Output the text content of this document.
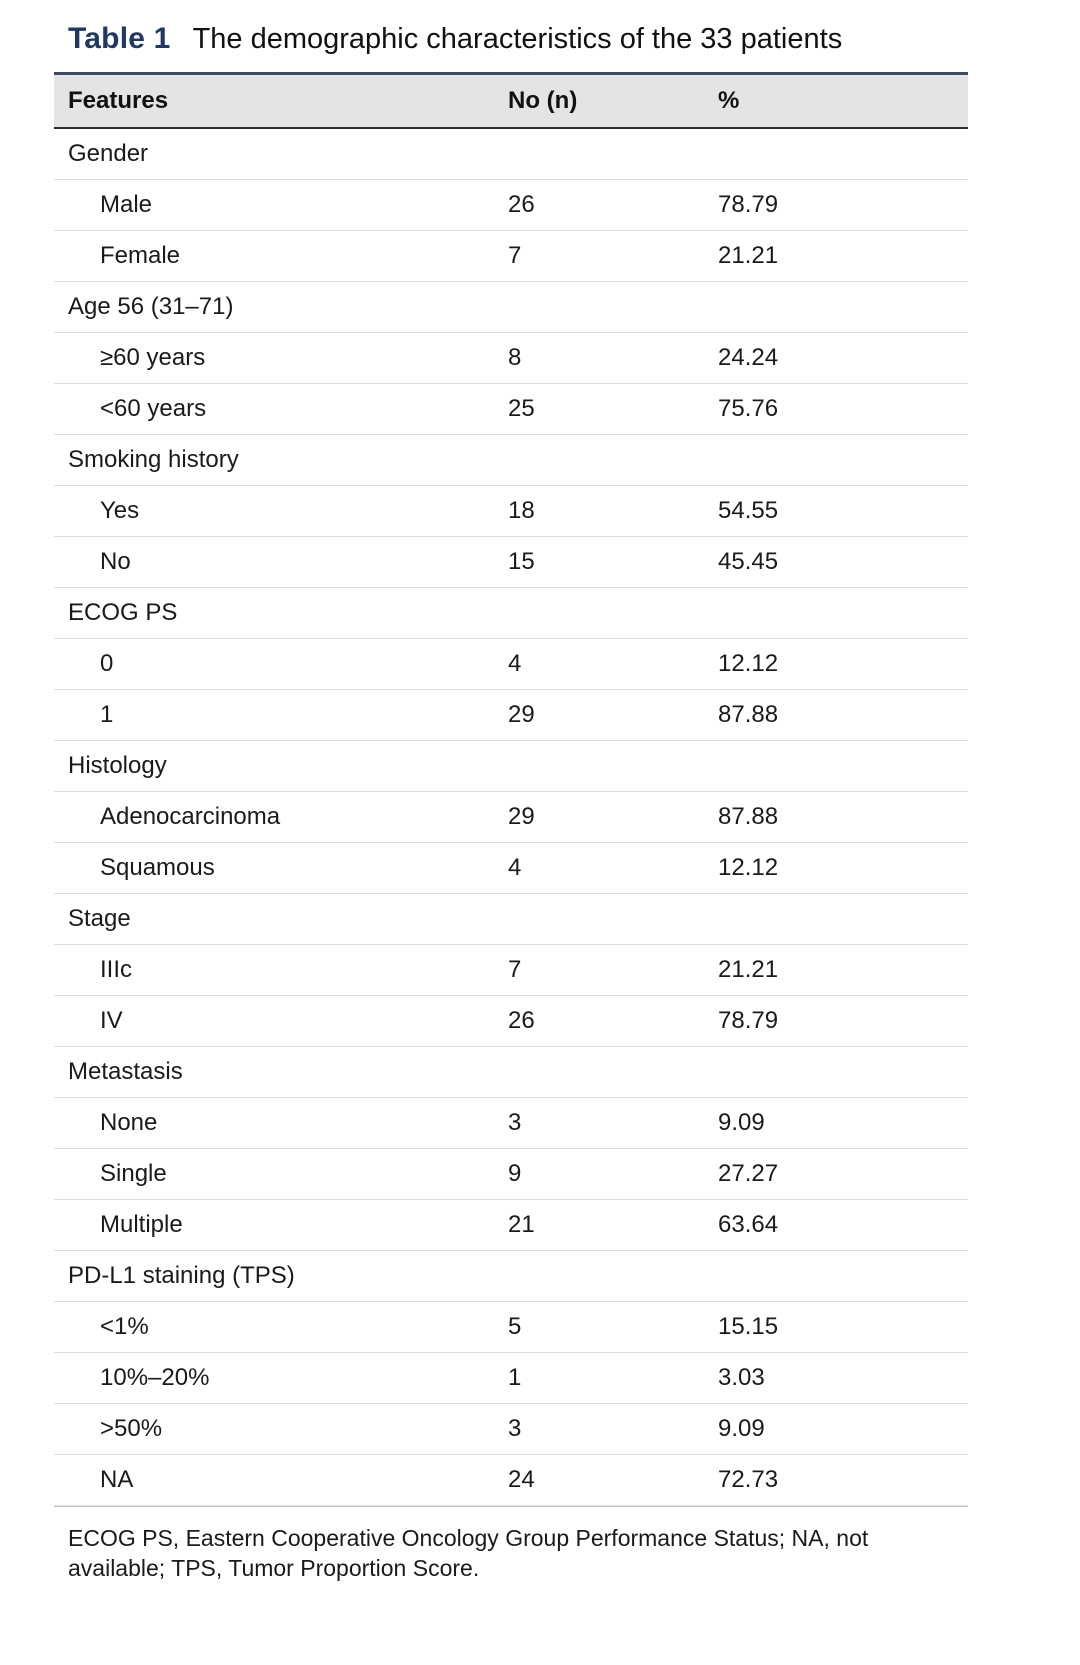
Table 1 The demographic characteristics of the 33 patients
Features	No (n)	%
Gender		
Male	26	78.79
Female	7	21.21
Age 56 (31–71)		
≥60 years	8	24.24
<60 years	25	75.76
Smoking history		
Yes	18	54.55
No	15	45.45
ECOG PS		
0	4	12.12
1	29	87.88
Histology		
Adenocarcinoma	29	87.88
Squamous	4	12.12
Stage		
IIIc	7	21.21
IV	26	78.79
Metastasis		
None	3	9.09
Single	9	27.27
Multiple	21	63.64
PD-L1 staining (TPS)		
<1%	5	15.15
10%–20%	1	3.03
>50%	3	9.09
NA	24	72.73
ECOG PS, Eastern Cooperative Oncology Group Performance Status; NA, not available; TPS, Tumor Proportion Score.
